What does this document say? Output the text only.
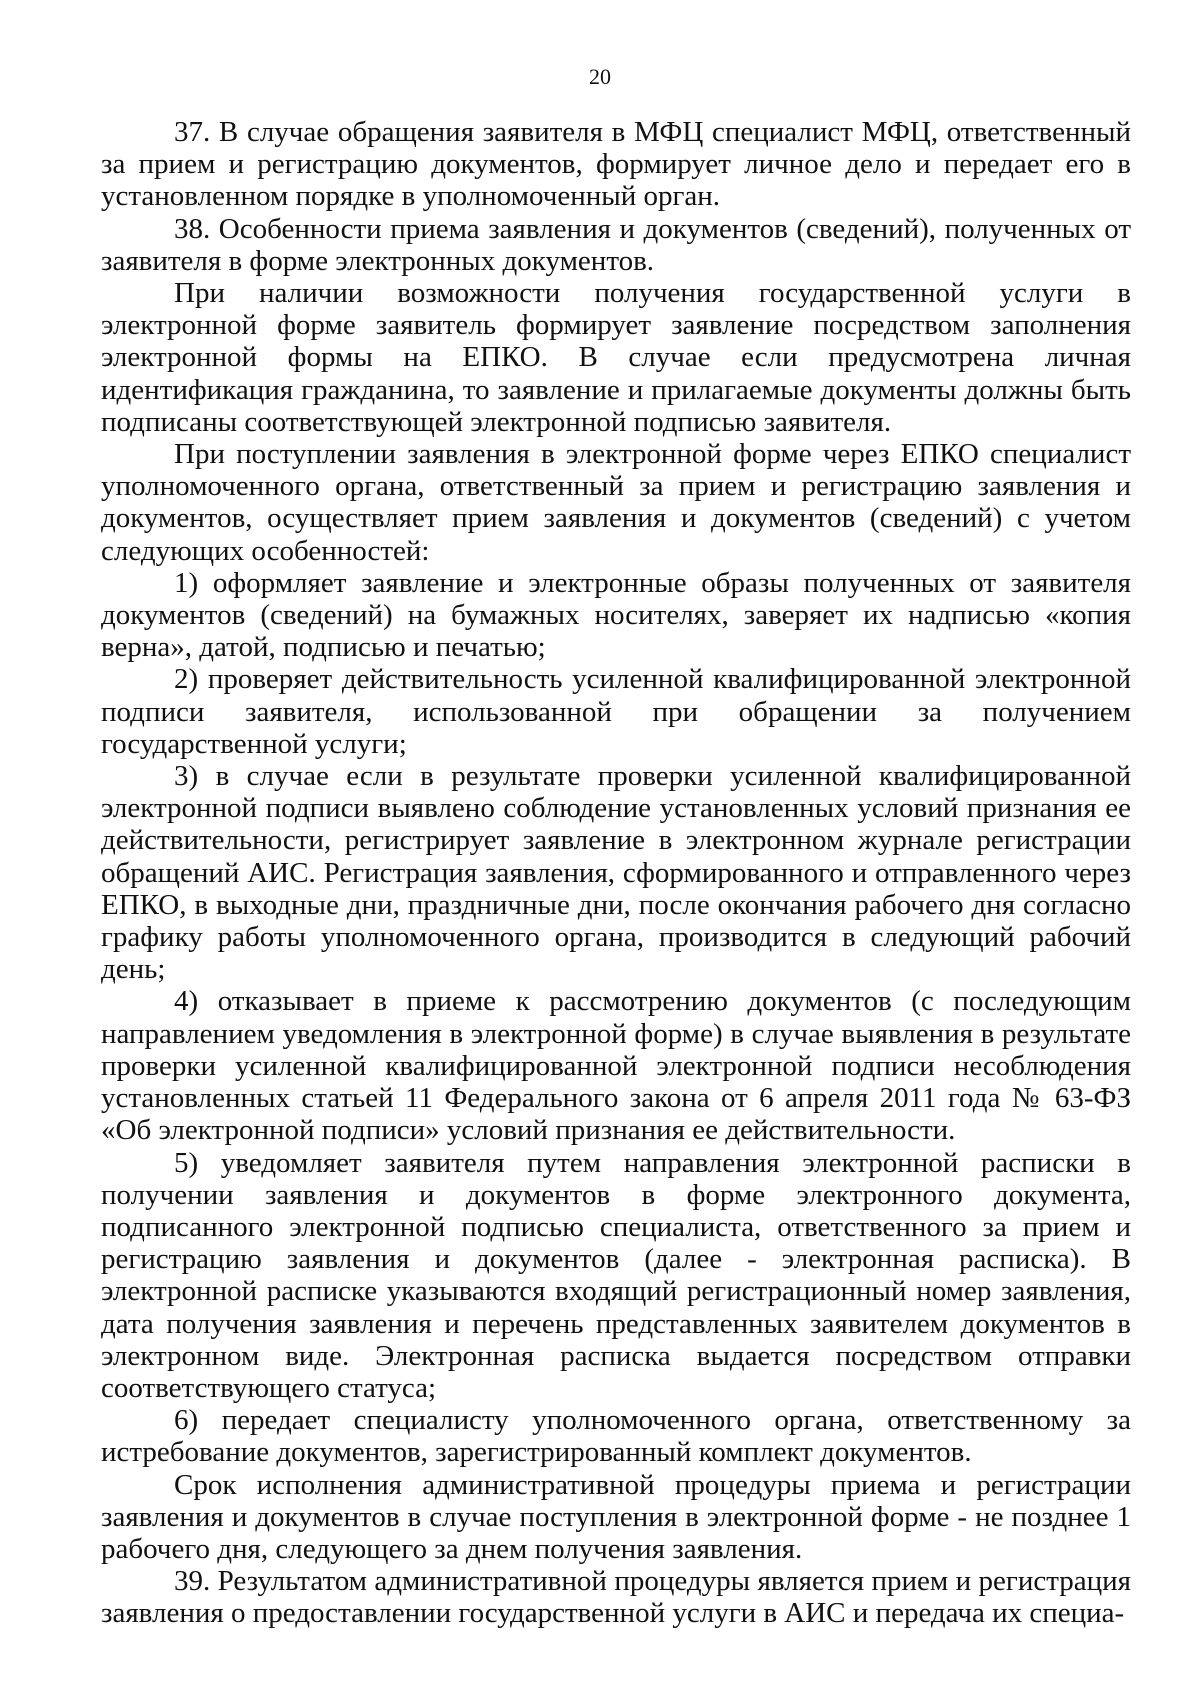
20

37. В случае обращения заявителя в МФЦ специалист МФЦ, ответственный за прием и регистрацию документов, формирует личное дело и передает его в установленном порядке в уполномоченный орган.

38. Особенности приема заявления и документов (сведений), полученных от заявителя в форме электронных документов.

При наличии возможности получения государственной услуги в электронной форме заявитель формирует заявление посредством заполнения электронной формы на ЕПКО. В случае если предусмотрена личная идентификация гражданина, то заявление и прилагаемые документы должны быть подписаны соответствующей электронной подписью заявителя.

При поступлении заявления в электронной форме через ЕПКО специалист уполномоченного органа, ответственный за прием и регистрацию заявления и документов, осуществляет прием заявления и документов (сведений) с учетом следующих особенностей:

1) оформляет заявление и электронные образы полученных от заявителя документов (сведений) на бумажных носителях, заверяет их надписью «копия верна», датой, подписью и печатью;

2) проверяет действительность усиленной квалифицированной электронной подписи заявителя, использованной при обращении за получением государственной услуги;

3) в случае если в результате проверки усиленной квалифицированной электронной подписи выявлено соблюдение установленных условий признания ее действительности, регистрирует заявление в электронном журнале регистрации обращений АИС. Регистрация заявления, сформированного и отправленного через ЕПКО, в выходные дни, праздничные дни, после окончания рабочего дня согласно графику работы уполномоченного органа, производится в следующий рабочий день;

4) отказывает в приеме к рассмотрению документов (с последующим направлением уведомления в электронной форме) в случае выявления в результате проверки усиленной квалифицированной электронной подписи несоблюдения установленных статьей 11 Федерального закона от 6 апреля 2011 года № 63-ФЗ «Об электронной подписи» условий признания ее действительности.

5) уведомляет заявителя путем направления электронной расписки в получении заявления и документов в форме электронного документа, подписанного электронной подписью специалиста, ответственного за прием и регистрацию заявления и документов (далее - электронная расписка). В электронной расписке указываются входящий регистрационный номер заявления, дата получения заявления и перечень представленных заявителем документов в электронном виде. Электронная расписка выдается посредством отправки соответствующего статуса;

6) передает специалисту уполномоченного органа, ответственному за истребование документов, зарегистрированный комплект документов.

Срок исполнения административной процедуры приема и регистрации заявления и документов в случае поступления в электронной форме - не позднее 1 рабочего дня, следующего за днем получения заявления.

39. Результатом административной процедуры является прием и регистрация заявления о предоставлении государственной услуги в АИС и передача их специа-
